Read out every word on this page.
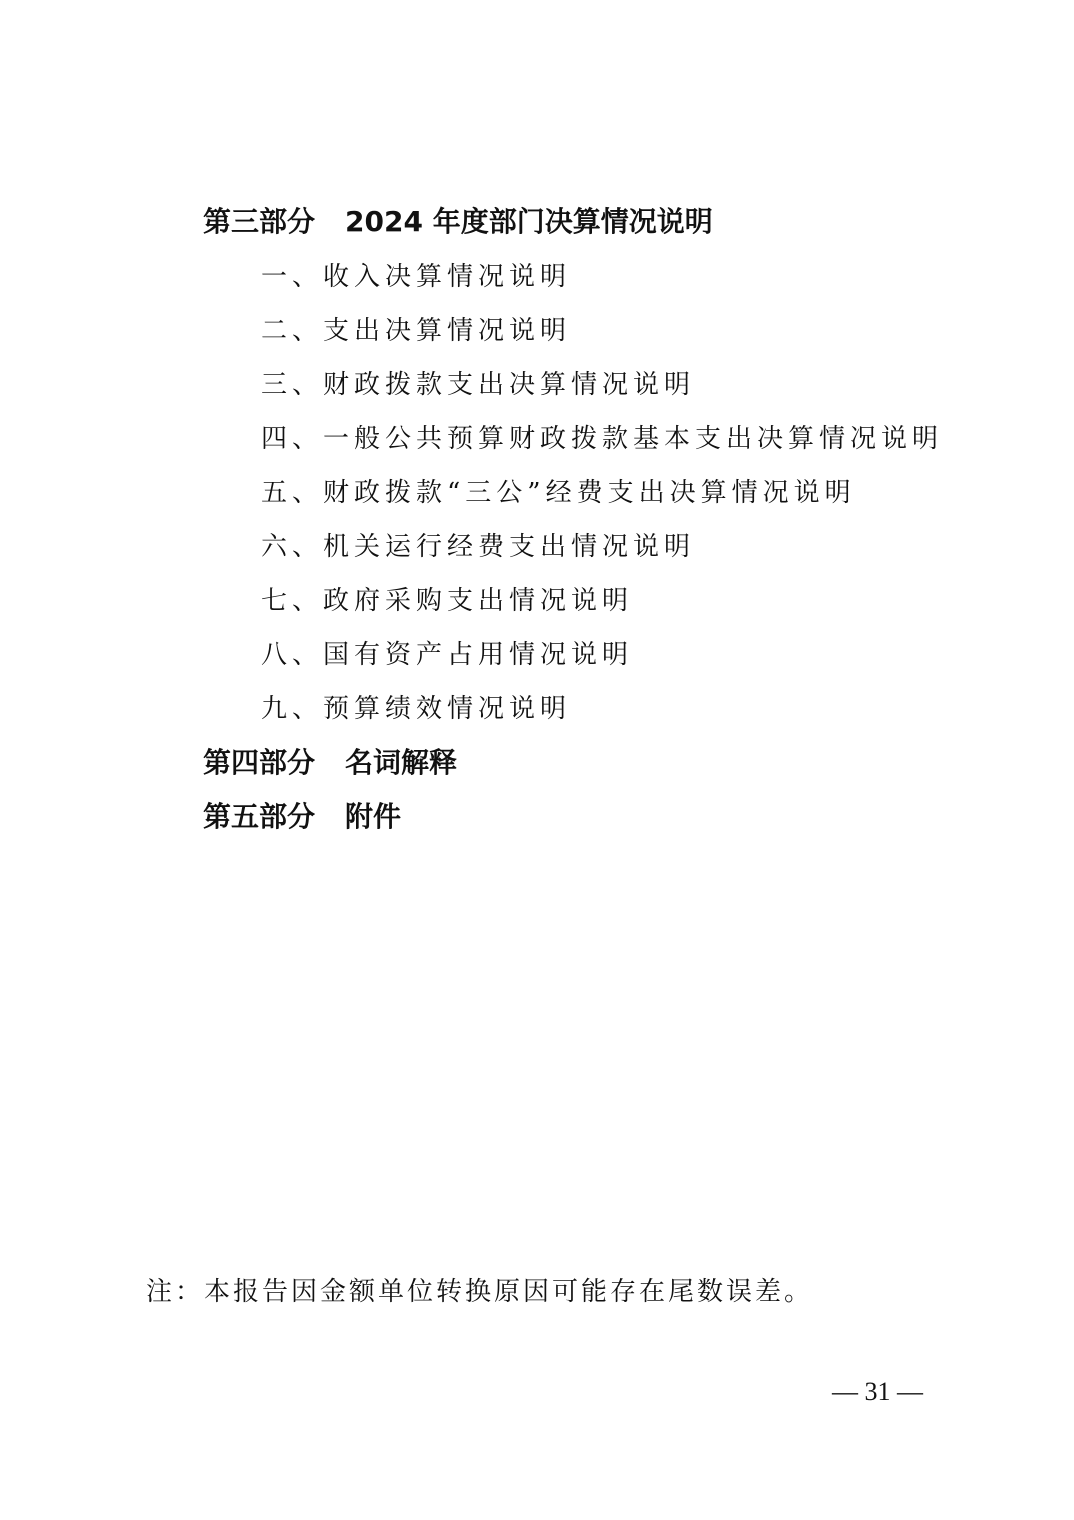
第三部分 2024 年度部门决算情况说明
一、收入决算情况说明
二、支出决算情况说明
三、财政拨款支出决算情况说明
四、一般公共预算财政拨款基本支出决算情况说明
五、财政拨款“三公”经费支出决算情况说明
六、机关运行经费支出情况说明
七、政府采购支出情况说明
八、国有资产占用情况说明
九、预算绩效情况说明
第四部分 名词解释
第五部分 附件
注：本报告因金额单位转换原因可能存在尾数误差。
— 31 —
